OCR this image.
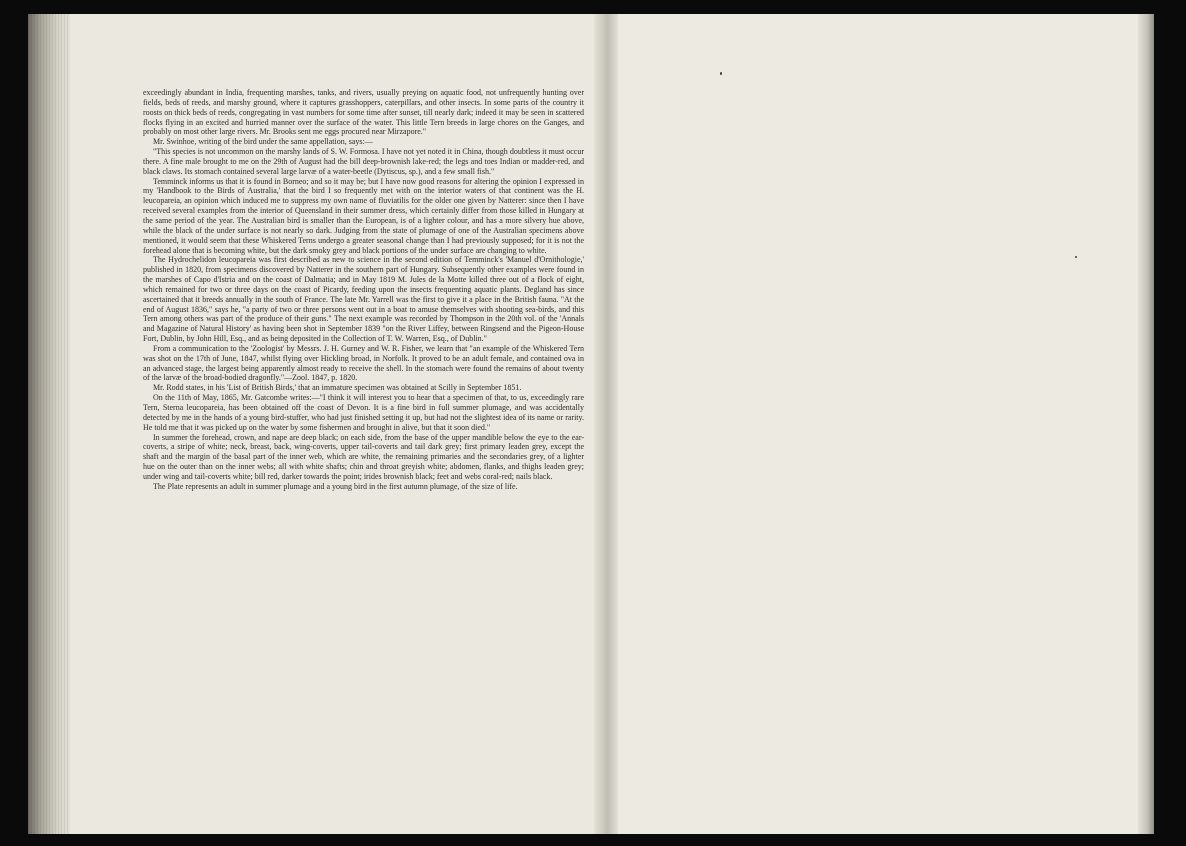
exceedingly abundant in India, frequenting marshes, tanks, and rivers, usually preying on aquatic food, not unfrequently hunting over fields, beds of reeds, and marshy ground, where it captures grasshoppers, caterpillars, and other insects. In some parts of the country it roosts on thick beds of reeds, congregating in vast numbers for some time after sunset, till nearly dark; indeed it may be seen in scattered flocks flying in an excited and hurried manner over the surface of the water. This little Tern breeds in large chores on the Ganges, and probably on most other large rivers. Mr. Brooks sent me eggs procured near Mirzapore."

Mr. Swinhoe, writing of the bird under the same appellation, says:—

"This species is not uncommon on the marshy lands of S. W. Formosa. I have not yet noted it in China, though doubtless it must occur there. A fine male brought to me on the 29th of August had the bill deep-brownish lake-red; the legs and toes Indian or madder-red, and black claws. Its stomach contained several large larvæ of a water-beetle (Dytiscus, sp.), and a few small fish."

Temminck informs us that it is found in Borneo; and so it may be; but I have now good reasons for altering the opinion I expressed in my 'Handbook to the Birds of Australia,' that the bird I so frequently met with on the interior waters of that continent was the H. leucopareia, an opinion which induced me to suppress my own name of fluviatilis for the older one given by Natterer: since then I have received several examples from the interior of Queensland in their summer dress, which certainly differ from those killed in Hungary at the same period of the year. The Australian bird is smaller than the European, is of a lighter colour, and has a more silvery hue above, while the black of the under surface is not nearly so dark. Judging from the state of plumage of one of the Australian specimens above mentioned, it would seem that these Whiskered Terns undergo a greater seasonal change than I had previously supposed; for it is not the forehead alone that is becoming white, but the dark smoky grey and black portions of the under surface are changing to white.

The Hydrochelidon leucopareia was first described as new to science in the second edition of Temminck's 'Manuel d'Ornithologie,' published in 1820, from specimens discovered by Natterer in the southern part of Hungary. Subsequently other examples were found in the marshes of Capo d'Istria and on the coast of Dalmatia; and in May 1819 M. Jules de la Motte killed three out of a flock of eight, which remained for two or three days on the coast of Picardy, feeding upon the insects frequenting aquatic plants. Degland has since ascertained that it breeds annually in the south of France. The late Mr. Yarrell was the first to give it a place in the British fauna. "At the end of August 1836," says he, "a party of two or three persons went out in a boat to amuse themselves with shooting sea-birds, and this Tern among others was part of the produce of their guns." The next example was recorded by Thompson in the 20th vol. of the 'Annals and Magazine of Natural History' as having been shot in September 1839 "on the River Liffey, between Ringsend and the Pigeon-House Fort, Dublin, by John Hill, Esq., and as being deposited in the Collection of T. W. Warren, Esq., of Dublin."

From a communication to the 'Zoologist' by Messrs. J. H. Gurney and W. R. Fisher, we learn that "an example of the Whiskered Tern was shot on the 17th of June, 1847, whilst flying over Hickling broad, in Norfolk. It proved to be an adult female, and contained ova in an advanced stage, the largest being apparently almost ready to receive the shell. In the stomach were found the remains of about twenty of the larvæ of the broad-bodied dragonfly."—Zool. 1847, p. 1820.

Mr. Rodd states, in his 'List of British Birds,' that an immature specimen was obtained at Scilly in September 1851.

On the 11th of May, 1865, Mr. Gatcombe writes:—"I think it will interest you to hear that a specimen of that, to us, exceedingly rare Tern, Sterna leucopareia, has been obtained off the coast of Devon. It is a fine bird in full summer plumage, and was accidentally detected by me in the hands of a young bird-stuffer, who had just finished setting it up, but had not the slightest idea of its name or rarity. He told me that it was picked up on the water by some fishermen and brought in alive, but that it soon died."

In summer the forehead, crown, and nape are deep black; on each side, from the base of the upper mandible below the eye to the ear-coverts, a stripe of white; neck, breast, back, wing-coverts, upper tail-coverts and tail dark grey; first primary leaden grey, except the shaft and the margin of the basal part of the inner web, which are white, the remaining primaries and the secondaries grey, of a lighter hue on the outer than on the inner webs; all with white shafts; chin and throat greyish white; abdomen, flanks, and thighs leaden grey; under wing and tail-coverts white; bill red, darker towards the point; irides brownish black; feet and webs coral-red; nails black.

The Plate represents an adult in summer plumage and a young bird in the first autumn plumage, of the size of life.
